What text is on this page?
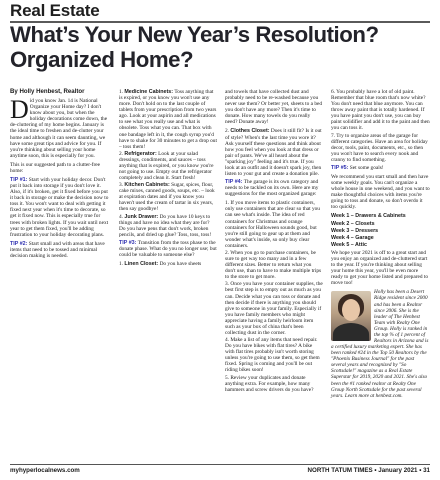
Real Estate
What’s Your New Year’s Resolution? Organized Home?

By Holly Henbest, Realtor

Did you know Jan. 14 is National Organize your Home day? I don't know about you, but when the holiday decorations come down, the de-cluttering of my home begins. January is the ideal time to freshen and de-clutter your home and although it can seem daunting, we have some great tips and advice for you. If you're thinking about selling your home anytime soon, this is especially for you.

This is our suggested path to a clutter-free home:

TIP #1: Start with your holiday decor. Don't put it back into storage if you don't love it. Also, if it's broken, get it fixed before you put it back in storage or make the decision now to toss it. You won't want to deal with getting it fixed next year when it's time to decorate, so get it fixed now. This is especially true for trees with broken lights. If you wait until next year to get them fixed, you'll be adding frustration to your holiday decorating plans.

TIP #2: Start small and with areas that have items that need to be tossed and minimal decision making is needed.

1. Medicine Cabinets: Toss anything that is expired, or you know you won't use any more. Don't hold on to the last couple of tablets from your prescription from two years ago. Look at your aspirin and all medications to see what you really use and what is obsolete. Toss what you can. That box with one bandage left in it, the cough syrup you'd have to shake for 30 minutes to get a drop out – toss them!
2. Refrigerator: Look at your salad dressings, condiments, and sauces – toss anything that is expired, or you know you're not going to use. Empty out the refrigerator completely and clean it. Start fresh!
3. Kitchen Cabinets: Sugar, spices, flour, cake mixes, canned goods, soups, etc. – look at expiration dates and if you know you haven't used the cream of tartar in six years, then say goodbye!
4. Junk Drawer: Do you have 10 keys to things and have no idea what they are for? Do you have pens that don't work, broken pencils, and dried up glue? Toss, toss, toss!

TIP #3: Transition from the toss phase to the donate phase. What do you no longer use; but could be valuable to someone else?

1. Linen Closet: Do you have sheets

and towels that have collected dust and probably need to be re-washed because you never use them? Or better yet, sheets to a bed you don't have any more? Then it's time to donate. How many towels do you really need? Donate away!

2. Clothes Closet: Does it still fit? Is it out of style? When's the last time you wore it? Ask yourself these questions and think about how you feel when you look at that dress or pair of pants. We've all heard about the "sparking joy" feeling and it's true. If you look at an outfit and it doesn't spark joy, then listen to your gut and create a donation pile.

TIP #4: The garage is its own category and needs to be tackled on its own. Here are my suggestions for the most organized garage:

1. If you move items to plastic containers, only use containers that are clear so that you can see what's inside. The idea of red containers for Christmas and orange containers for Halloween sounds good, but you're still going to gear up at them and wonder what's inside, so only buy clear containers.
2. When you go to purchase containers, be sure to get way too many and in a few different sizes. Better to return what you don't use, than to have to make multiple trips to the store to get more.
3. Once you have your container supplies, the best first step is to empty out as much as you can. Decide what you can toss or donate and then decide if there is anything you should give to someone in your family. Especially if you have family members who might appreciate having a family heirloom item such as your box of china that's been collecting dust in the corner.
4. Make a list of any items that need repair. Do you have bikes with flat tires? A bike with flat tires probably isn't worth storing unless you're going to use them, so get them fixed. Spring is coming and you'll be out riding bikes soon!
5. Review your duplicates and donate anything extra. For example, how many hammers and screw drivers do you have?
6. You probably have a lot of old paint. Remember that blue room that's now white? You don't need that blue anymore. You can throw away paint that is totally hardened. If you have paint you don't use, you can buy paint solidifier and add it to the paint and then you can toss it.
7. Try to organize areas of the garage for different categories. Have an area for holiday decor, tools, paint, documents, etc., so then you won't have to search every nook and cranny to find something.

TIP #5: Set some goals!

We recommend you start small and then have some weekly goals. You can't organize a whole house in one weekend, and you want to make thoughtful choices with items you're going to toss and donate, so don't overdo it too quickly.

Week 1 – Drawers & Cabinets
Week 2 – Closets
Week 3 – Dressers
Week 4 – Garage
Week 5 – Attic

We hope your 2021 is off to a great start and you enjoy an organized and de-cluttered start to the year. If you're thinking about selling your home this year, you'll be even more ready to get your home listed and prepared to move too!

Holly has been a Desert Ridge resident since 2000 and has been a Realtor since 2006. She is the leader of The Henbest Team with Realty One Group. Holly is ranked in the top % of 1 percent of Realtors in Arizona and is a certified luxury marketing expert. She has been ranked #24 in the Top 50 Realtors by the "Phoenix Business Journal" for the past several years and recognized by "So Scottsdale!" magazine as a Real Estate Superstar for 2019, 2020 and 2021. She's also been the #1 ranked realtor at Realty One Group North Scottsdale for the past several years. Learn more at henbest.com.
myhyperlocalnews.com	NORTH TATUM TIMES • January 2021 • 31
